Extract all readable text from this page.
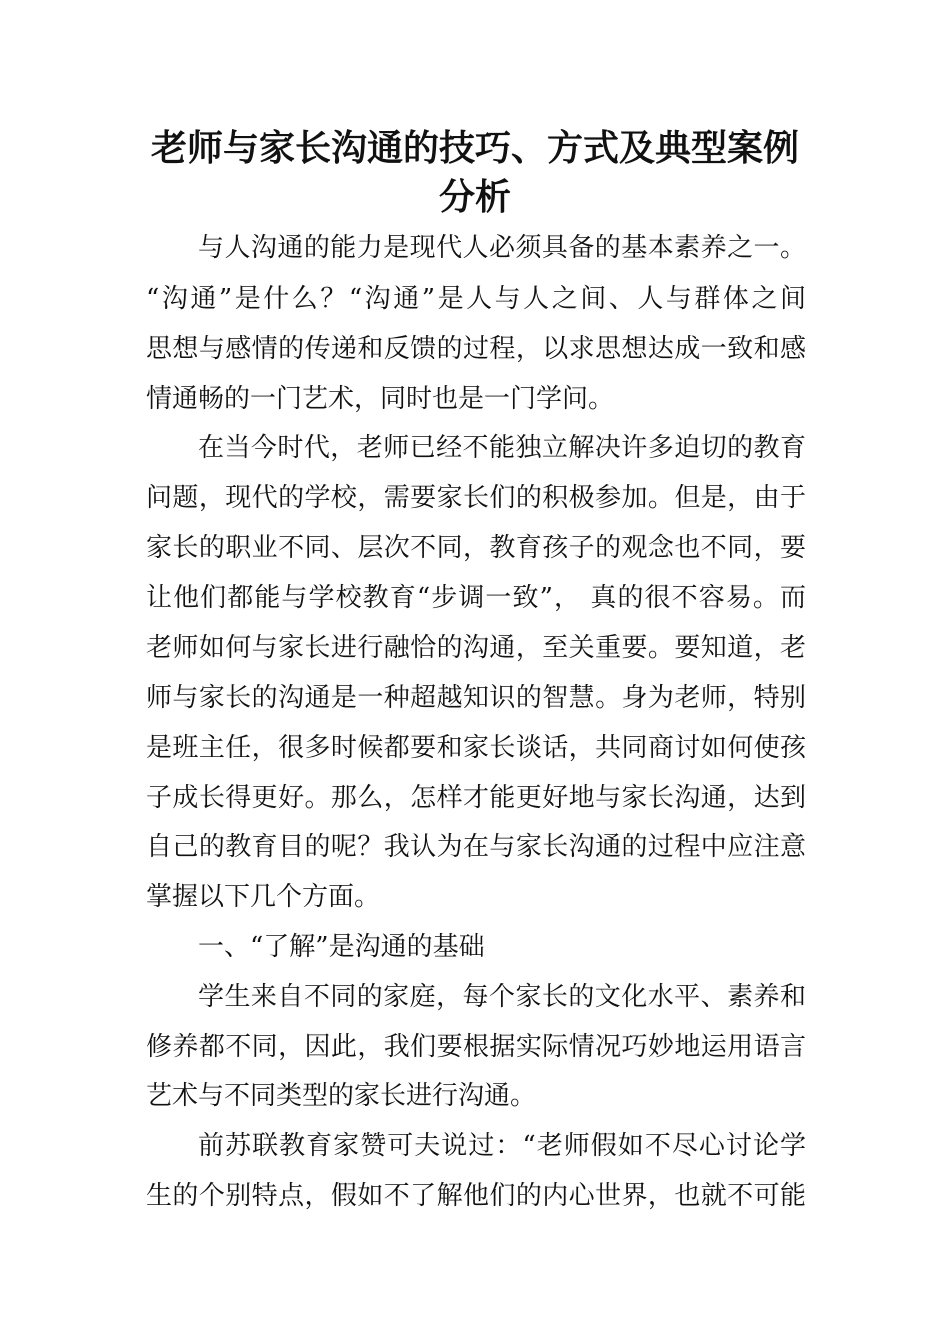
老师与家长沟通的技巧、方式及典型案例
分析
与人沟通的能力是现代人必须具备的基本素养之一。
“沟通”是什么？“沟通”是人与人之间、人与群体之间
思想与感情的传递和反馈的过程，以求思想达成一致和感
情通畅的一门艺术，同时也是一门学问。
在当今时代，老师已经不能独立解决许多迫切的教育
问题，现代的学校，需要家长们的积极参加。但是，由于
家长的职业不同、层次不同，教育孩子的观念也不同，要
让他们都能与学校教育“步调一致”， 真的很不容易。而
老师如何与家长进行融恰的沟通，至关重要。要知道，老
师与家长的沟通是一种超越知识的智慧。身为老师，特别
是班主任，很多时候都要和家长谈话，共同商讨如何使孩
子成长得更好。那么，怎样才能更好地与家长沟通，达到
自己的教育目的呢？我认为在与家长沟通的过程中应注意
掌握以下几个方面。
一、“了解”是沟通的基础
学生来自不同的家庭，每个家长的文化水平、素养和
修养都不同，因此，我们要根据实际情况巧妙地运用语言
艺术与不同类型的家长进行沟通。
前苏联教育家赞可夫说过：“老师假如不尽心讨论学
生的个别特点，假如不了解他们的内心世界，也就不可能
